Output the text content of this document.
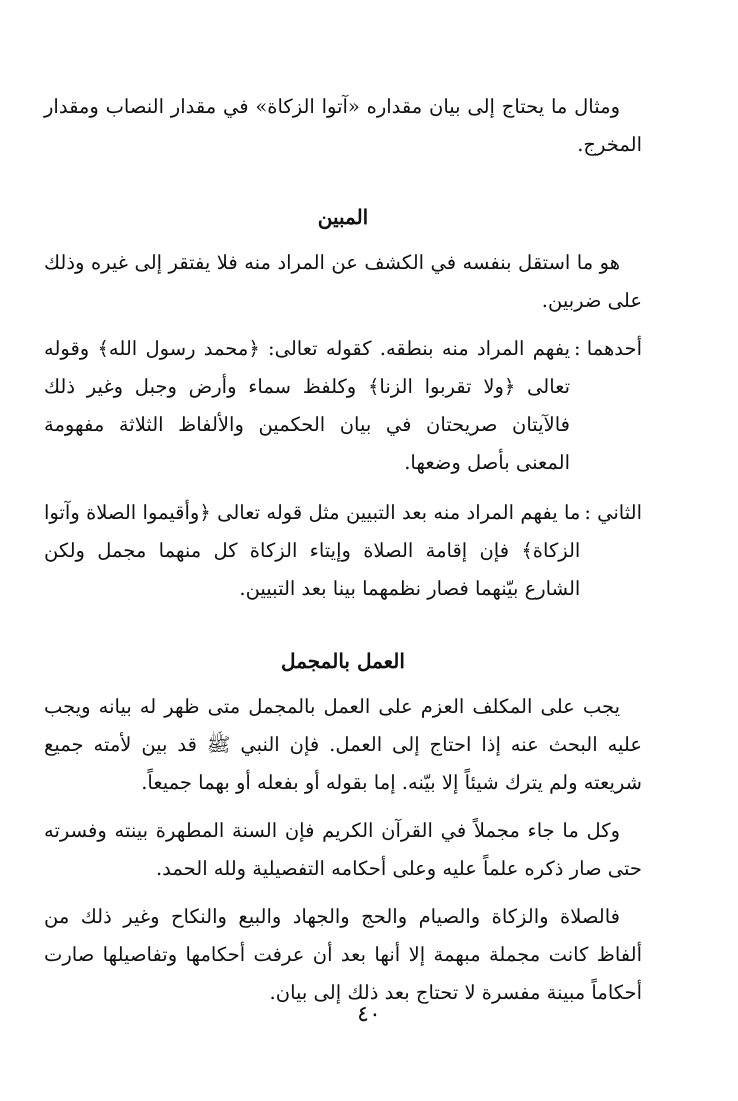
ومثال ما يحتاج إلى بيان مقداره «آتوا الزكاة» في مقدار النصاب ومقدار المخرج.

المبين

هو ما استقل بنفسه في الكشف عن المراد منه فلا يفتقر إلى غيره وذلك على ضربين.

أحدهما :
يفهم المراد منه بنطقه. كقوله تعالى: ﴿محمد رسول الله﴾ وقوله تعالى ﴿ولا تقربوا الزنا﴾ وكلفظ سماء وأرض وجبل وغير ذلك فالآيتان صريحتان في بيان الحكمين والألفاظ الثلاثة مفهومة المعنى بأصل وضعها.
الثاني :
ما يفهم المراد منه بعد التبيين مثل قوله تعالى ﴿وأقيموا الصلاة وآتوا الزكاة﴾ فإن إقامة الصلاة وإيتاء الزكاة كل منهما مجمل ولكن الشارع بيّنهما فصار نظمهما بينا بعد التبيين.
العمل بالمجمل

يجب على المكلف العزم على العمل بالمجمل متى ظهر له بيانه ويجب عليه البحث عنه إذا احتاج إلى العمل. فإن النبي ﷺ قد بين لأمته جميع شريعته ولم يترك شيئاً إلا بيّنه. إما بقوله أو بفعله أو بهما جميعاً.

وكل ما جاء مجملاً في القرآن الكريم فإن السنة المطهرة بينته وفسرته حتى صار ذكره علماً عليه وعلى أحكامه التفصيلية ولله الحمد.

فالصلاة والزكاة والصيام والحج والجهاد والبيع والنكاح وغير ذلك من ألفاظ كانت مجملة مبهمة إلا أنها بعد أن عرفت أحكامها وتفاصيلها صارت أحكاماً مبينة مفسرة لا تحتاج بعد ذلك إلى بيان.

٤٠
